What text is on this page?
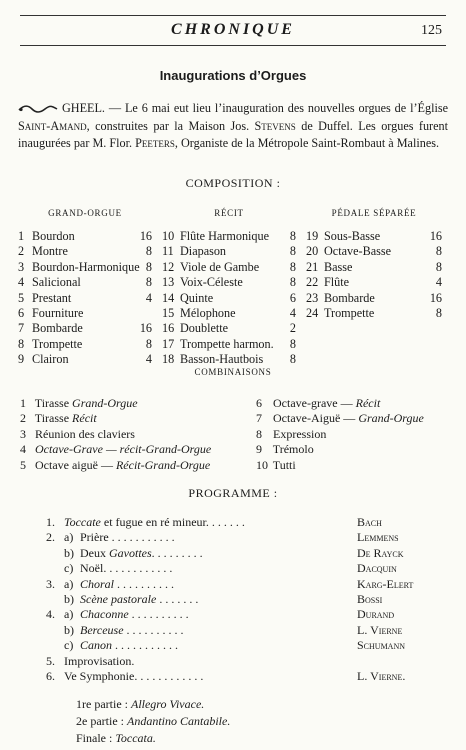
CHRONIQUE	125
Inaugurations d’Orgues
GHEEL. — Le 6 mai eut lieu l’inauguration des nouvelles orgues de l’Église Saint-Amand, construites par la Maison Jos. Stevens de Duffel. Les orgues furent inaugurées par M. Flor. Peeters, Organiste de la Métropole Saint-Rombaut à Malines.
COMPOSITION :
GRAND-ORGUE	RÉCIT	PÉDALE SÉPARÉE
1 Bourdon	16
2 Montre	8
3 Bourdon-Harmonique 8
4 Salicional	8
5 Prestant	4
6 Fourniture
7 Bombarde	16
8 Trompette	8
9 Clairon	4
10 Flûte Harmonique 8
11 Diapason	8
12 Viole de Gambe	8
13 Voix-Céleste	8
14 Quinte	6
15 Mélophone	4
16 Doublette	2
17 Trompette harmon. 8
18 Basson-Hautbois 8
19 Sous-Basse	16
20 Octave-Basse	8
21 Basse	8
22 Flûte	4
23 Bombarde	16
24 Trompette	8
COMBINAISONS
1 Tirasse Grand-Orgue
2 Tirasse Récit
3 Réunion des claviers
4 Octave-Grave — récit-Grand-Orgue
5 Octave aiguë — Récit-Grand-Orgue
6 Octave-grave — Récit
7 Octave-Aiguë — Grand-Orgue
8 Expression
9 Trémolo
10 Tutti
PROGRAMME :
1. Toccate et fugue en ré mineur. . . . . . .	Bach
2. a) Prière . . . . . . . . . . .	Lemmens
b) Deux Gavottes. . . . . . . . .	De Rayck
c) Noël. . . . . . . . . . . .	Dacquin
3. a) Choral . . . . . . . . . .	Karg-Elert
b) Scène pastorale . . . . . . .	Bossi
4. a) Chaconne . . . . . . . . . .	Durand
b) Berceuse . . . . . . . . . .	L. Vierne
c) Canon . . . . . . . . . . .	Schumann
5. Improvisation.
6. Ve Symphonie. . . . . . . . . . . .	L. Vierne.
1re partie : Allegro Vivace.
2e partie : Andantino Cantabile.
Finale : Toccata.
